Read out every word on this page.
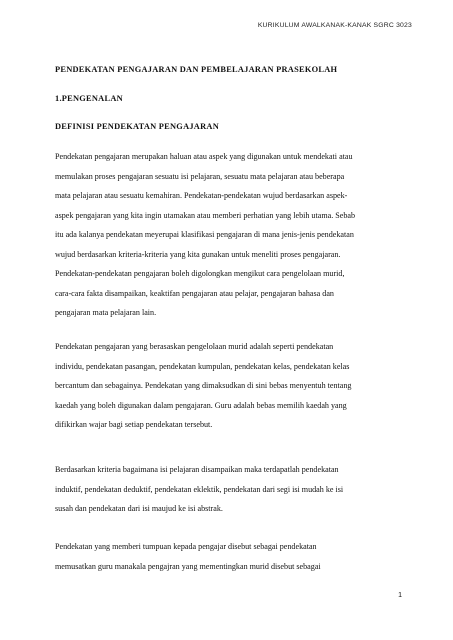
KURIKULUM AWALKANAK-KANAK SGRC 3023
PENDEKATAN PENGAJARAN DAN PEMBELAJARAN PRASEKOLAH
1.PENGENALAN
DEFINISI PENDEKATAN PENGAJARAN
Pendekatan pengajaran merupakan haluan atau aspek yang digunakan untuk mendekati atau
memulakan proses pengajaran sesuatu isi pelajaran, sesuatu mata pelajaran atau beberapa
mata pelajaran atau sesuatu kemahiran. Pendekatan-pendekatan wujud berdasarkan aspek-
aspek pengajaran yang kita ingin utamakan atau memberi perhatian yang lebih utama. Sebab
itu ada kalanya pendekatan meyerupai klasifikasi pengajaran di mana jenis-jenis pendekatan
wujud berdasarkan kriteria-kriteria yang kita gunakan untuk meneliti proses pengajaran.
Pendekatan-pendekatan pengajaran boleh digolongkan mengikut cara pengelolaan murid,
cara-cara fakta disampaikan, keaktifan pengajaran atau pelajar, pengajaran bahasa dan
pengajaran mata pelajaran lain.
Pendekatan pengajaran yang berasaskan pengelolaan murid adalah seperti pendekatan
individu, pendekatan pasangan, pendekatan kumpulan, pendekatan kelas, pendekatan kelas
bercantum dan sebagainya. Pendekatan yang dimaksudkan di sini bebas menyentuh tentang
kaedah yang boleh digunakan dalam pengajaran. Guru adalah bebas memilih kaedah yang
difikirkan wajar bagi setiap pendekatan tersebut.
Berdasarkan kriteria bagaimana isi pelajaran disampaikan maka terdapatlah pendekatan
induktif, pendekatan deduktif, pendekatan eklektik, pendekatan dari segi isi mudah ke isi
susah dan pendekatan dari isi maujud ke isi abstrak.
Pendekatan yang memberi tumpuan kepada pengajar disebut sebagai pendekatan
memusatkan guru manakala pengajran yang mementingkan murid disebut sebagai
1
